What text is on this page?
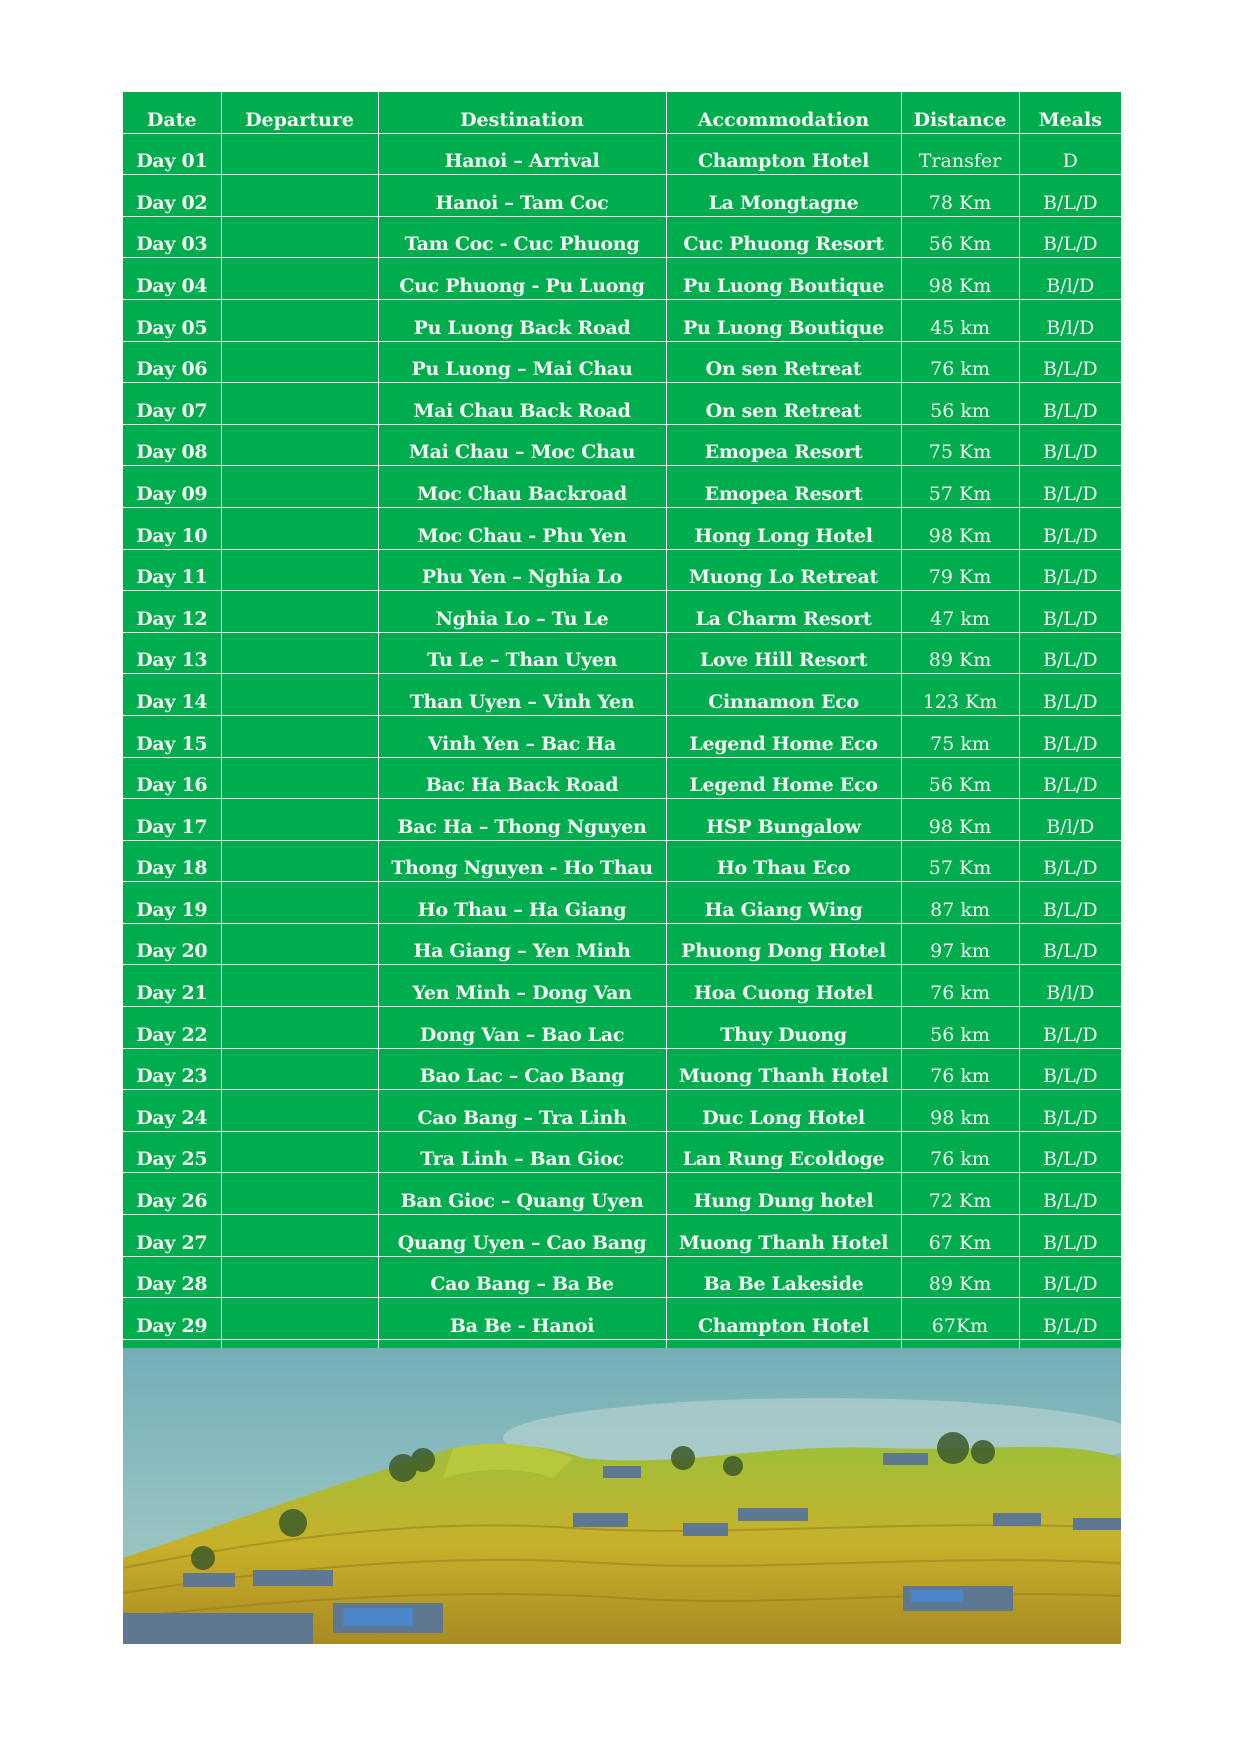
Date	Departure	Destination	Accommodation	Distance	Meals
Day 01		Hanoi – Arrival	Champton Hotel	Transfer	D
Day 02		Hanoi – Tam Coc	La Mongtagne	78 Km	B/L/D
Day 03		Tam Coc - Cuc Phuong	Cuc Phuong Resort	56 Km	B/L/D
Day 04		Cuc Phuong - Pu Luong	Pu Luong Boutique	98 Km	B/l/D
Day 05		Pu Luong Back Road	Pu Luong Boutique	45 km	B/l/D
Day 06		Pu Luong – Mai Chau	On sen Retreat	76 km	B/L/D
Day 07		Mai Chau Back Road	On sen Retreat	56 km	B/L/D
Day 08		Mai Chau – Moc Chau	Emopea Resort	75 Km	B/L/D
Day 09		Moc Chau Backroad	Emopea Resort	57 Km	B/L/D
Day 10		Moc Chau - Phu Yen	Hong Long Hotel	98 Km	B/L/D
Day 11		Phu Yen – Nghia Lo	Muong Lo Retreat	79 Km	B/L/D
Day 12		Nghia Lo – Tu Le	La Charm Resort	47 km	B/L/D
Day 13		Tu Le – Than Uyen	Love Hill Resort	89 Km	B/L/D
Day 14		Than Uyen – Vinh Yen	Cinnamon Eco	123 Km	B/L/D
Day 15		Vinh Yen – Bac Ha	Legend Home Eco	75 km	B/L/D
Day 16		Bac Ha Back Road	Legend Home Eco	56 Km	B/L/D
Day 17		Bac Ha – Thong Nguyen	HSP Bungalow	98 Km	B/l/D
Day 18		Thong Nguyen - Ho Thau	Ho Thau Eco	57 Km	B/L/D
Day 19		Ho Thau – Ha Giang	Ha Giang Wing	87 km	B/L/D
Day 20		Ha Giang – Yen Minh	Phuong Dong Hotel	97 km	B/L/D
Day 21		Yen Minh – Dong Van	Hoa Cuong Hotel	76 km	B/l/D
Day 22		Dong Van – Bao Lac	Thuy Duong	56 km	B/L/D
Day 23		Bao Lac – Cao Bang	Muong Thanh Hotel	76 km	B/L/D
Day 24		Cao Bang – Tra Linh	Duc Long Hotel	98 km	B/L/D
Day 25		Tra Linh – Ban Gioc	Lan Rung Ecoldoge	76 km	B/L/D
Day 26		Ban Gioc – Quang Uyen	Hung Dung hotel	72 Km	B/L/D
Day 27		Quang Uyen – Cao Bang	Muong Thanh Hotel	67 Km	B/L/D
Day 28		Cao Bang – Ba Be	Ba Be Lakeside	89 Km	B/L/D
Day 29		Ba Be - Hanoi	Champton Hotel	67Km	B/L/D
